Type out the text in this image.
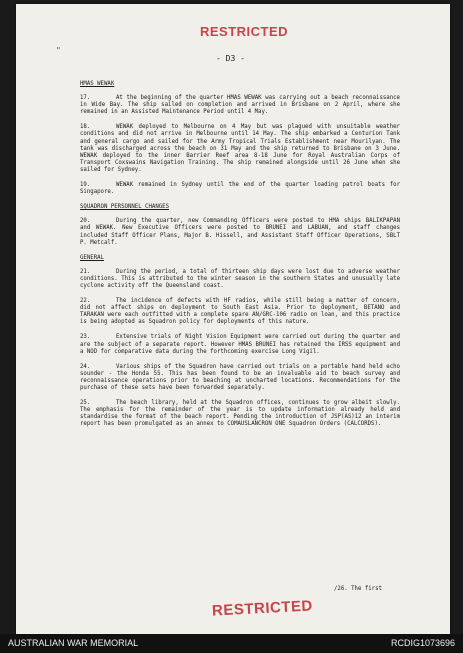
RESTRICTED
"
- D3 -
HMAS WEWAK
17.	At the beginning of the quarter HMAS WEWAK was carrying out a beach reconnaissance in Wide Bay. The ship sailed on completion and arrived in Brisbane on 2 April, where she remained in an Assisted Maintenance Period until 4 May.
18.	WEWAK deployed to Melbourne on 4 May but was plagued with unsuitable weather conditions and did not arrive in Melbourne until 14 May. The ship embarked a Centurion Tank and general cargo and sailed for the Army Tropical Trials Establishment near Mourilyan. The tank was discharged across the beach on 31 May and the ship returned to Brisbane on 3 June. WEWAK deployed to the inner Barrier Reef area 8-18 June for Royal Australian Corps of Transport Coxswains Navigation Training. The ship remained alongside until 26 June when she sailed for Sydney.
19.	WEWAK remained in Sydney until the end of the quarter loading patrol boats for Singapore.
SQUADRON PERSONNEL CHANGES
20.	During the quarter, new Commanding Officers were posted to HMA ships BALIKPAPAN and WEWAK. New Executive Officers were posted to BRUNEI and LABUAN, and staff changes included Staff Officer Plans, Major B. Hissell, and Assistant Staff Officer Operations, SBLT P. Metcalf.
GENERAL
21.	During the period, a total of thirteen ship days were lost due to adverse weather conditions. This is attributed to the winter season in the southern States and unusually late cyclone activity off the Queensland coast.
22.	The incidence of defects with HF radios, while still being a matter of concern, did not affect ships on deployment to South East Asia. Prior to deployment, BETANO and TARAKAN were each outfitted with a complete spare AN/GRC-106 radio on loan, and this practice is being adopted as Squadron policy for deployments of this nature.
23.	Extensive trials of Night Vision Equipment were carried out during the quarter and are the subject of a separate report. However HMAS BRUNEI has retained the IRSS equipment and a NOD for comparative data during the forthcoming exercise Long Vigil.
24.	Various ships of the Squadron have carried out trials on a portable hand held echo sounder - the Honda 55. This has been found to be an invaluable aid to beach survey and reconnaissance operations prior to beaching at uncharted locations. Recommendations for the purchase of these sets have been forwarded separately.
25.	The beach library, held at the Squadron offices, continues to grow albeit slowly. The emphasis for the remainder of the year is to update information already held and standardise the format of the beach report. Pending the introduction of JSP(AS)12 an interim report has been promulgated as an annex to COMAUSLANCRON ONE Squadron Orders (CALCORDS).
/26. The first
RESTRICTED
AUSTRALIAN WAR MEMORIAL	RCDIG1073696
